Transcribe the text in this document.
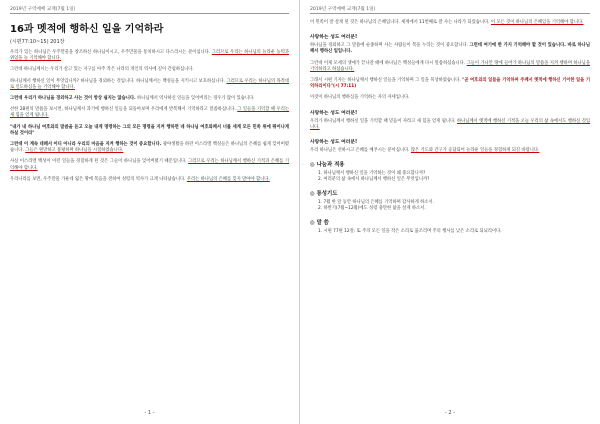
2019년 구역예배 교재(7월 1일)
16과 멧적에 행하신 일을 기억하라
(시편77:10~15) 201장
우리가 있는 하나님은 우주만물을 창조하신 하나님이시고, 우주만물을 통치하시고 다스리시는 분이십니다. 그러므로 우리는 하나님의 놀라운 능력과 위엄을 늘 기억해야 합니다.
그런데 하나님께서는 우리가 살고 있는 지구를 아주 작은 나라의 개인의 역사에 깊이 간섭하십니다.
하나님께서 행하신 일이 무엇입니까? 하나님을 경외하는 것입니다. 하나님께서는 백성들을 지키시고 보호하십니다. 그러므로 우리는 하나님의 목적대로 인도하심을 늘 기억해야 합니다.
그런데 우리가 하나님을 경외하고 사는 것이 항상 쉽지는 않습니다. 하나님께서 역사하신 일들을 잊어버리는 경우가 많이 있습니다.
선한 28편의 말씀을 보시면, 하나님께서 과거에 행하신 일들을 되돌아보며 우리에게 반복해서 기억하라고 말씀하십니다. 그 일들을 기억할 때 우리는 새 힘을 얻게 됩니다.
"내가 내 하나님 여호와의 말씀을 듣고 오늘 내게 명령하는 그의 모든 명령을 지켜 행하면 네 하나님 여호와께서 너를 세계 모든 민족 위에 뛰어나게 하실 것이라"
그런데 이 계속 대해서 어디 아니라 우리의 마음을 지켜 행하는 것이 중요합니다. 광야생활을 하던 이스라엘 백성들은 하나님의 은혜를 쉽게 잊어버렸습니다. 그들은 원망하고 불평하며 하나님을 시험하였습니다.
사실 이스라엘 백성이 이런 일들을 경험하게 된 것은 그들이 하나님을 잊어버렸기 때문입니다. 그러므로 우리는 하나님께서 행하신 기적과 은혜를 기억해야 합니다.
우리나라를 보면, 우주만물 가운데 잃은 땅에 복음을 전하여 성령의 역사가 크게 나타났습니다. 우리는 하나님의 은혜를 잊지 말아야 합니다.
- 1 -
2019년 구역예배 교재(7월 1일)
이 민족이 잘 살게 된 것은 하나님의 은혜입니다. 세계에서 11번째로 잘 사는 나라가 되었습니다. 이 모든 것이 하나님의 은혜임을 기억해야 합니다.
사랑하는 성도 여러분!
하나님을 경외하고 그 말씀에 순종하며 사는 사람들이 복을 누리는 것이 중요합니다. 그런데 여기에 한 가지 기억해야 할 것이 있습니다. 바로 하나님께서 행하신 일입니다.
그런데 이제 모세의 생애가 끝나갈 때에 하나님은 백성들에게 다시 말씀하셨습니다. 그들이 가나안 땅에 들어가 하나님의 말씀을 지켜 행하며 하나님을 기억하라고 하셨습니다.
그래서 시편 기자는 하나님께서 행하신 일들을 기억하며 그 일을 묵상하였습니다. "곧 여호와의 일들을 기억하며 주께서 옛적에 행하신 기이한 일을 기억하리이다"(시 77:11)
이것이 하나님의 행하심을 기억하는 자의 자세입니다.
사랑하는 성도 여러분!
우리가 하나님께서 행하신 일을 기억할 때 믿음이 자라고 새 힘을 얻게 됩니다. 하나님께서 옛적에 행하신 기적을 오늘 우리의 삶 속에서도 행하실 것입니다.
사랑하는 성도 여러분!
우리 하나님은 선하시고 은혜를 베푸시는 분이십니다. 많은 기도와 간구가 응답되어 놀라운 일들을 경험하게 되길 바랍니다.
◎ 나눔과 적용
1. 하나님께서 행하신 일을 기억하는 것이 왜 중요합니까?
2. 여러분의 삶 속에서 하나님께서 행하신 일은 무엇입니까?
◎ 통성기도
1. 7월 한 달 동안 하나님의 은혜를 기억하며 감사하게 하소서.
2. 하반기(7월~12월)에도 성령 충만한 삶을 살게 하소서.
◎ 말 씀
1. 시편 77편 12절: 또 주의 모든 일을 작은 소리로 읊조리며 주의 행사를 낮은 소리로 되뇌리이다.
- 2 -
